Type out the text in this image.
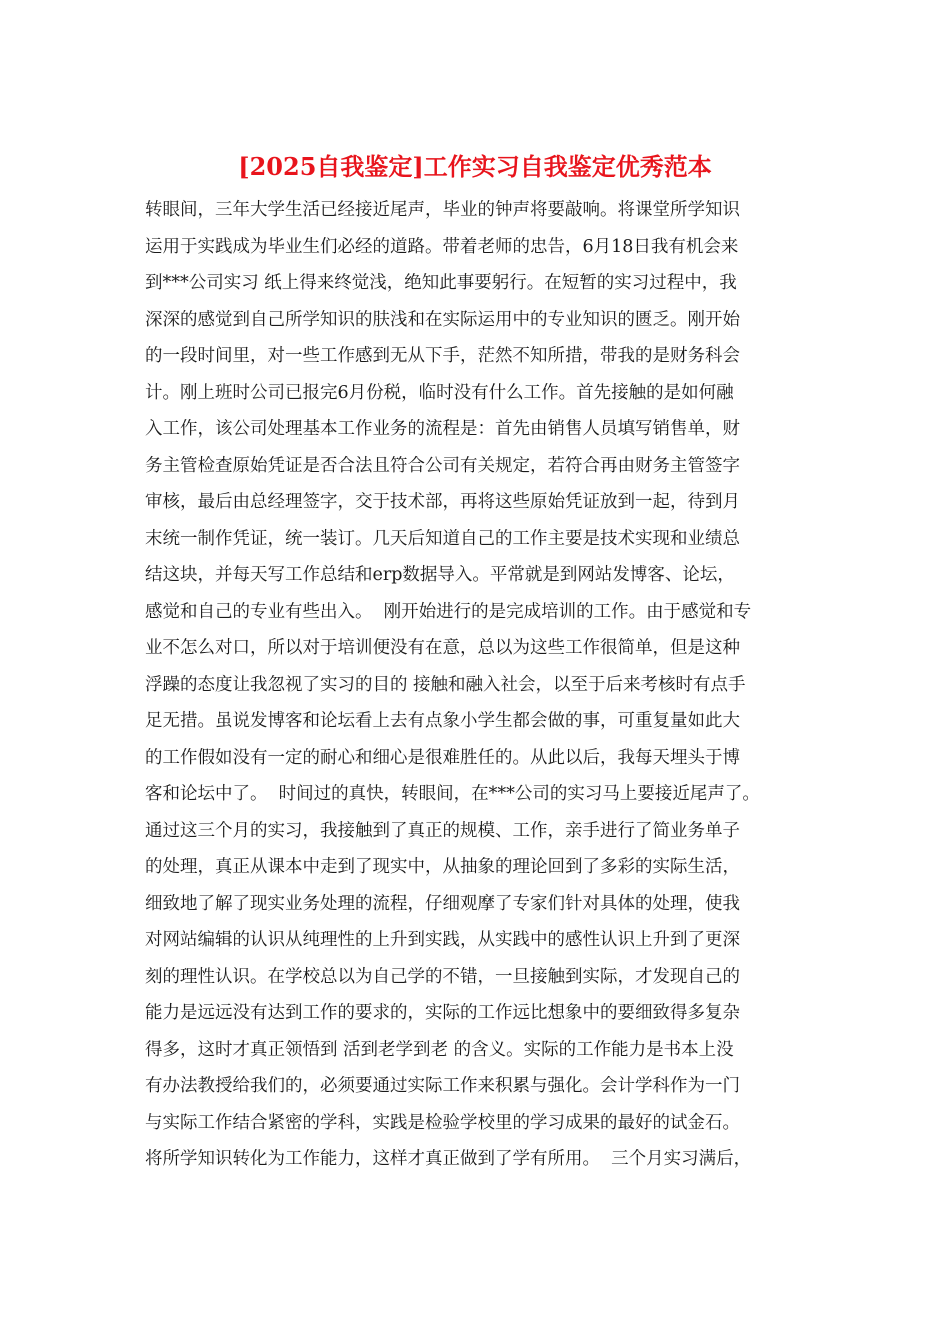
[2025自我鉴定]工作实习自我鉴定优秀范本
转眼间，三年大学生活已经接近尾声，毕业的钟声将要敲响。将课堂所学知识
运用于实践成为毕业生们必经的道路。带着老师的忠告，6月18日我有机会来
到***公司实习 纸上得来终觉浅，绝知此事要躬行。在短暂的实习过程中，我
深深的感觉到自己所学知识的肤浅和在实际运用中的专业知识的匮乏。刚开始
的一段时间里，对一些工作感到无从下手，茫然不知所措，带我的是财务科会
计。刚上班时公司已报完6月份税，临时没有什么工作。首先接触的是如何融
入工作，该公司处理基本工作业务的流程是：首先由销售人员填写销售单，财
务主管检查原始凭证是否合法且符合公司有关规定，若符合再由财务主管签字
审核，最后由总经理签字，交于技术部，再将这些原始凭证放到一起，待到月
末统一制作凭证，统一装订。几天后知道自己的工作主要是技术实现和业绩总
结这块，并每天写工作总结和erp数据导入。平常就是到网站发博客、论坛，
感觉和自己的专业有些出入。  刚开始进行的是完成培训的工作。由于感觉和专
业不怎么对口，所以对于培训便没有在意，总以为这些工作很简单，但是这种
浮躁的态度让我忽视了实习的目的 接触和融入社会，以至于后来考核时有点手
足无措。虽说发博客和论坛看上去有点象小学生都会做的事，可重复量如此大
的工作假如没有一定的耐心和细心是很难胜任的。从此以后，我每天埋头于博
客和论坛中了。  时间过的真快，转眼间，在***公司的实习马上要接近尾声了。
通过这三个月的实习，我接触到了真正的规模、工作，亲手进行了简业务单子
的处理，真正从课本中走到了现实中，从抽象的理论回到了多彩的实际生活，
细致地了解了现实业务处理的流程，仔细观摩了专家们针对具体的处理，使我
对网站编辑的认识从纯理性的上升到实践，从实践中的感性认识上升到了更深
刻的理性认识。在学校总以为自己学的不错，一旦接触到实际，才发现自己的
能力是远远没有达到工作的要求的，实际的工作远比想象中的要细致得多复杂
得多，这时才真正领悟到 活到老学到老 的含义。实际的工作能力是书本上没
有办法教授给我们的，必须要通过实际工作来积累与强化。会计学科作为一门
与实际工作结合紧密的学科，实践是检验学校里的学习成果的最好的试金石。
将所学知识转化为工作能力，这样才真正做到了学有所用。  三个月实习满后，
